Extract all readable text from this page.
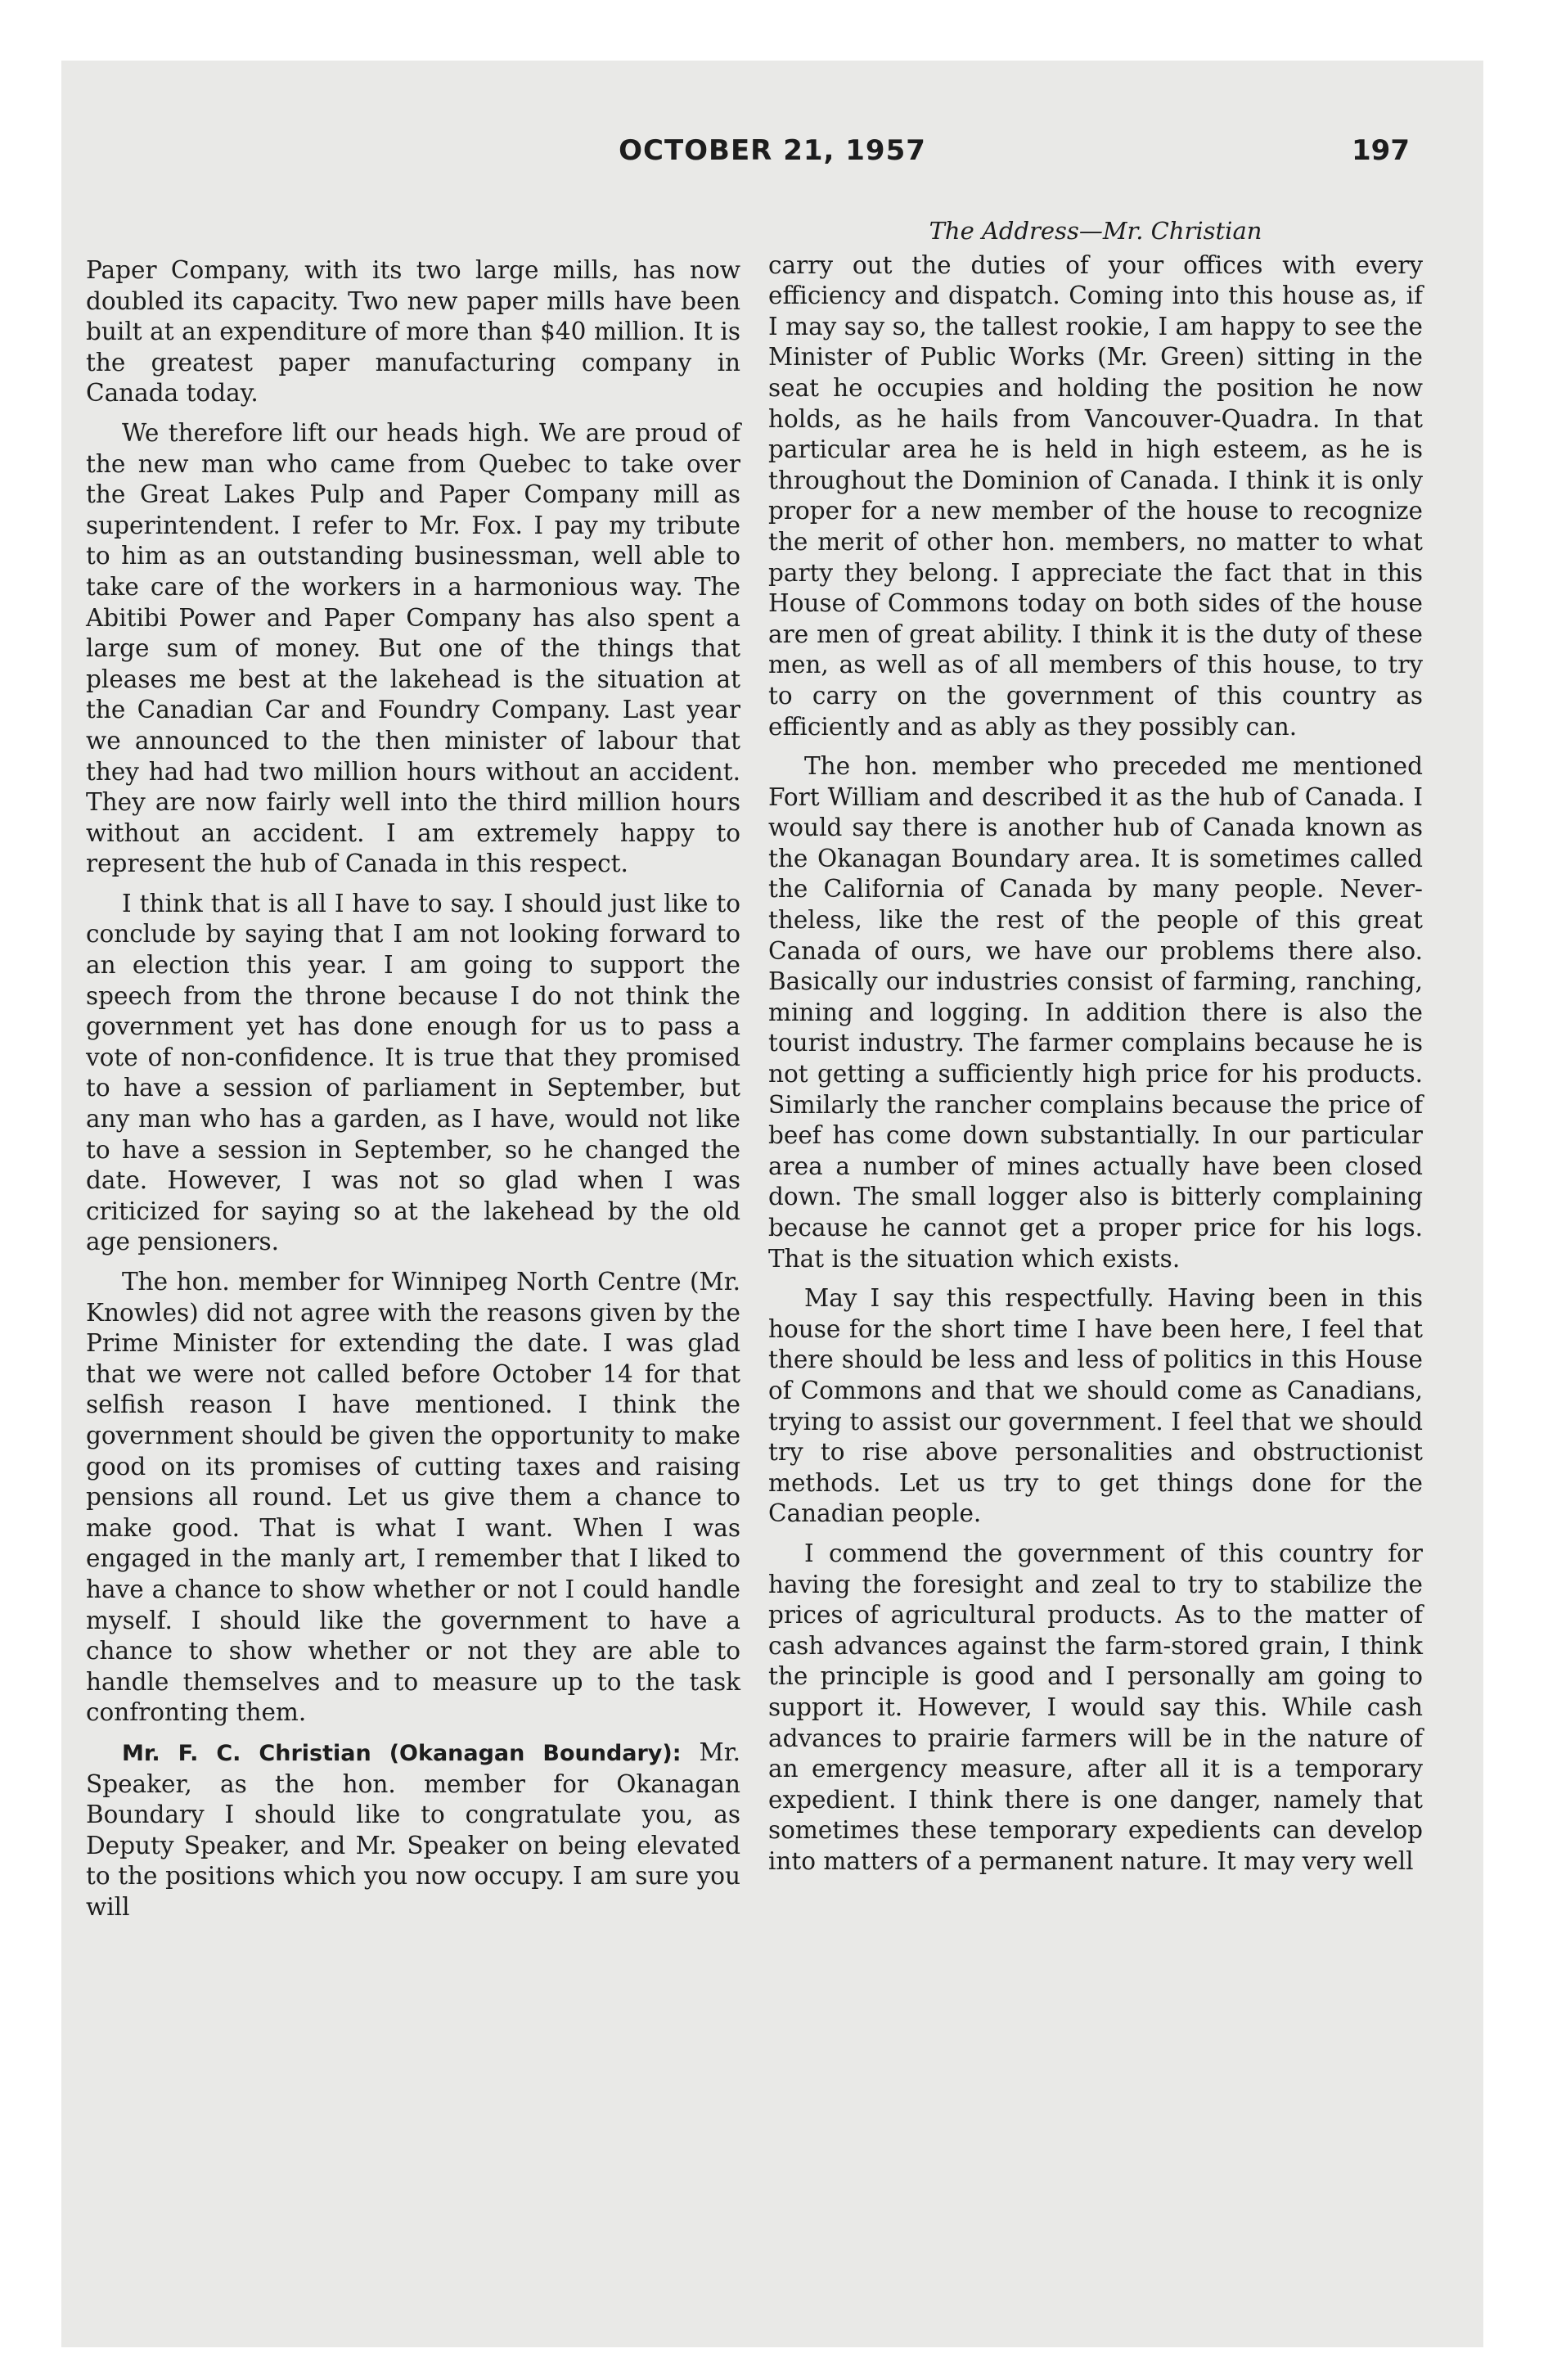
OCTOBER 21, 1957	197

Paper Company, with its two large mills, has now doubled its capacity. Two new paper mills have been built at an expenditure of more than $40 million. It is the greatest paper manufacturing company in Canada today.

We therefore lift our heads high. We are proud of the new man who came from Quebec to take over the Great Lakes Pulp and Paper Company mill as superintendent. I refer to Mr. Fox. I pay my tribute to him as an outstanding businessman, well able to take care of the workers in a harmonious way. The Abitibi Power and Paper Company has also spent a large sum of money. But one of the things that pleases me best at the lakehead is the situation at the Canadian Car and Foundry Company. Last year we announced to the then minister of labour that they had had two million hours without an accident. They are now fairly well into the third million hours without an accident. I am extremely happy to represent the hub of Canada in this respect.

I think that is all I have to say. I should just like to conclude by saying that I am not looking forward to an election this year. I am going to support the speech from the throne because I do not think the government yet has done enough for us to pass a vote of non-confidence. It is true that they promised to have a session of parliament in September, but any man who has a garden, as I have, would not like to have a session in September, so he changed the date. However, I was not so glad when I was criticized for saying so at the lakehead by the old age pensioners.

The hon. member for Winnipeg North Centre (Mr. Knowles) did not agree with the reasons given by the Prime Minister for extending the date. I was glad that we were not called before October 14 for that selfish reason I have mentioned. I think the government should be given the opportunity to make good on its promises of cutting taxes and raising pensions all round. Let us give them a chance to make good. That is what I want. When I was engaged in the manly art, I remember that I liked to have a chance to show whether or not I could handle myself. I should like the government to have a chance to show whether or not they are able to handle themselves and to measure up to the task confronting them.

Mr. F. C. Christian (Okanagan Boundary): Mr. Speaker, as the hon. member for Okanagan Boundary I should like to congratulate you, as Deputy Speaker, and Mr. Speaker on being elevated to the positions which you now occupy. I am sure you will

The Address—Mr. Christian

carry out the duties of your offices with every efficiency and dispatch. Coming into this house as, if I may say so, the tallest rookie, I am happy to see the Minister of Public Works (Mr. Green) sitting in the seat he occupies and holding the position he now holds, as he hails from Vancouver-Quadra. In that particular area he is held in high esteem, as he is throughout the Dominion of Canada. I think it is only proper for a new member of the house to recognize the merit of other hon. members, no matter to what party they belong. I appreciate the fact that in this House of Commons today on both sides of the house are men of great ability. I think it is the duty of these men, as well as of all members of this house, to try to carry on the government of this country as efficiently and as ably as they possibly can.

The hon. member who preceded me mentioned Fort William and described it as the hub of Canada. I would say there is another hub of Canada known as the Okanagan Boundary area. It is sometimes called the California of Canada by many people. Nevertheless, like the rest of the people of this great Canada of ours, we have our problems there also. Basically our industries consist of farming, ranching, mining and logging. In addition there is also the tourist industry. The farmer complains because he is not getting a sufficiently high price for his products. Similarly the rancher complains because the price of beef has come down substantially. In our particular area a number of mines actually have been closed down. The small logger also is bitterly complaining because he cannot get a proper price for his logs. That is the situation which exists.

May I say this respectfully. Having been in this house for the short time I have been here, I feel that there should be less and less of politics in this House of Commons and that we should come as Canadians, trying to assist our government. I feel that we should try to rise above personalities and obstructionist methods. Let us try to get things done for the Canadian people.

I commend the government of this country for having the foresight and zeal to try to stabilize the prices of agricultural products. As to the matter of cash advances against the farm-stored grain, I think the principle is good and I personally am going to support it. However, I would say this. While cash advances to prairie farmers will be in the nature of an emergency measure, after all it is a temporary expedient. I think there is one danger, namely that sometimes these temporary expedients can develop into matters of a permanent nature. It may very well
